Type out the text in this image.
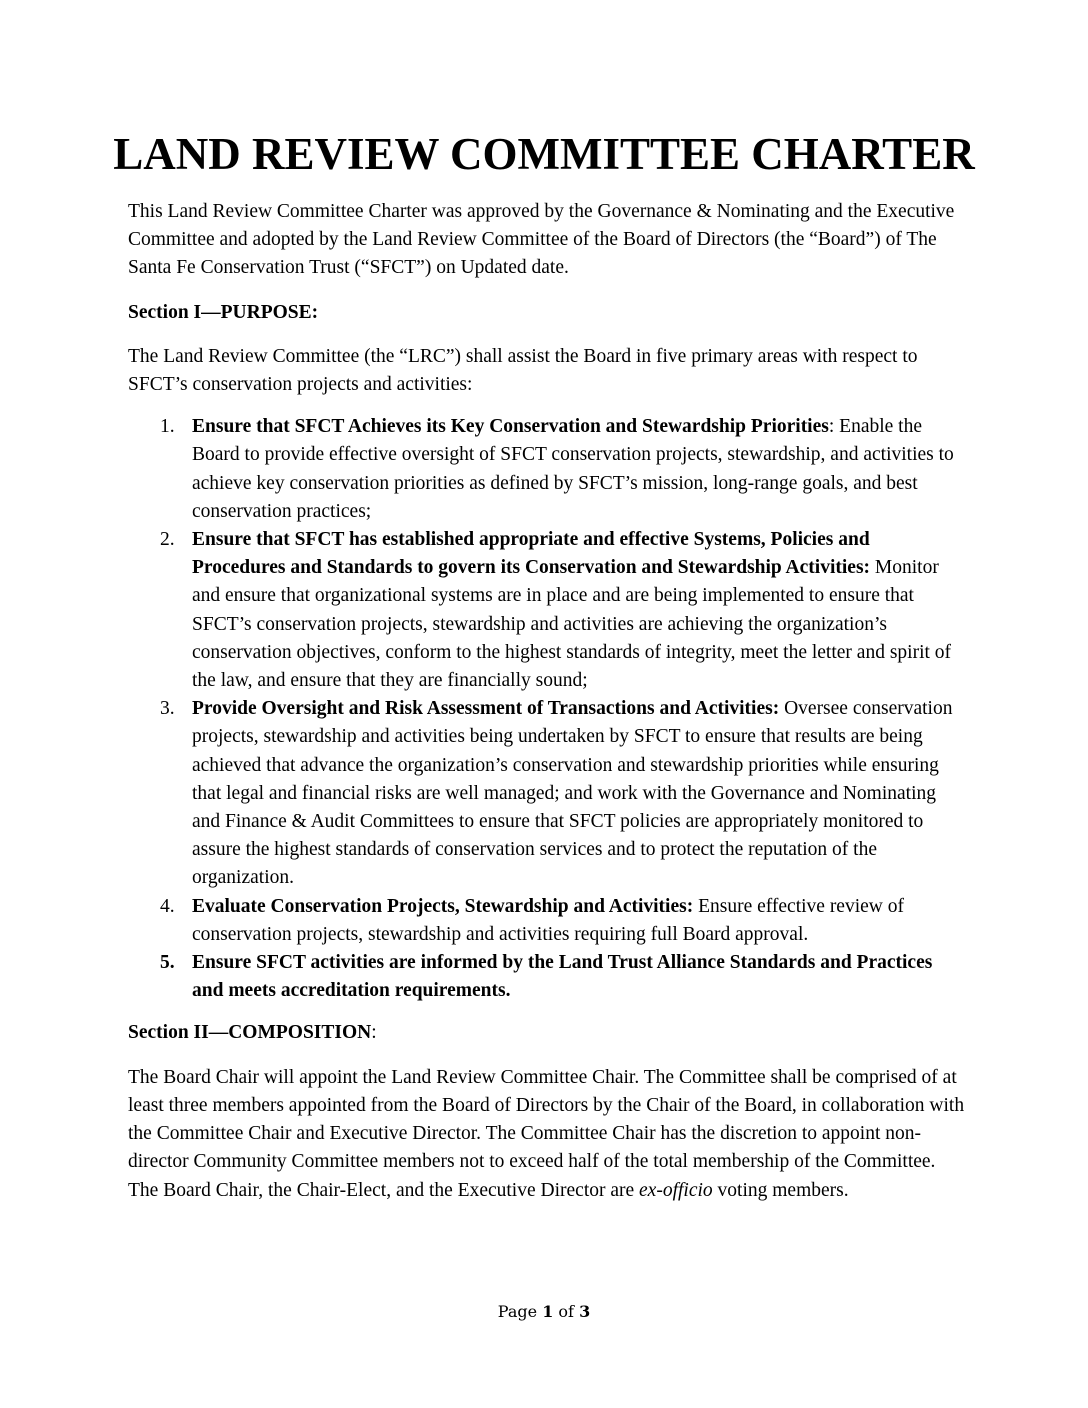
LAND REVIEW COMMITTEE CHARTER

This Land Review Committee Charter was approved by the Governance & Nominating and the Executive Committee and adopted by the Land Review Committee of the Board of Directors (the “Board”) of The Santa Fe Conservation Trust (“SFCT”) on Updated date.

Section I—PURPOSE:

The Land Review Committee (the “LRC”) shall assist the Board in five primary areas with respect to SFCT’s conservation projects and activities:

1. Ensure that SFCT Achieves its Key Conservation and Stewardship Priorities: Enable the Board to provide effective oversight of SFCT conservation projects, stewardship, and activities to achieve key conservation priorities as defined by SFCT’s mission, long-range goals, and best conservation practices;
2. Ensure that SFCT has established appropriate and effective Systems, Policies and Procedures and Standards to govern its Conservation and Stewardship Activities: Monitor and ensure that organizational systems are in place and are being implemented to ensure that SFCT’s conservation projects, stewardship and activities are achieving the organization’s conservation objectives, conform to the highest standards of integrity, meet the letter and spirit of the law, and ensure that they are financially sound;
3. Provide Oversight and Risk Assessment of Transactions and Activities: Oversee conservation projects, stewardship and activities being undertaken by SFCT to ensure that results are being achieved that advance the organization’s conservation and stewardship priorities while ensuring that legal and financial risks are well managed; and work with the Governance and Nominating and Finance & Audit Committees to ensure that SFCT policies are appropriately monitored to assure the highest standards of conservation services and to protect the reputation of the organization.
4. Evaluate Conservation Projects, Stewardship and Activities: Ensure effective review of conservation projects, stewardship and activities requiring full Board approval.
5. Ensure SFCT activities are informed by the Land Trust Alliance Standards and Practices and meets accreditation requirements.

Section II—COMPOSITION:

The Board Chair will appoint the Land Review Committee Chair. The Committee shall be comprised of at least three members appointed from the Board of Directors by the Chair of the Board, in collaboration with the Committee Chair and Executive Director. The Committee Chair has the discretion to appoint non-director Community Committee members not to exceed half of the total membership of the Committee. The Board Chair, the Chair-Elect, and the Executive Director are ex-officio voting members.

Page 1 of 3
